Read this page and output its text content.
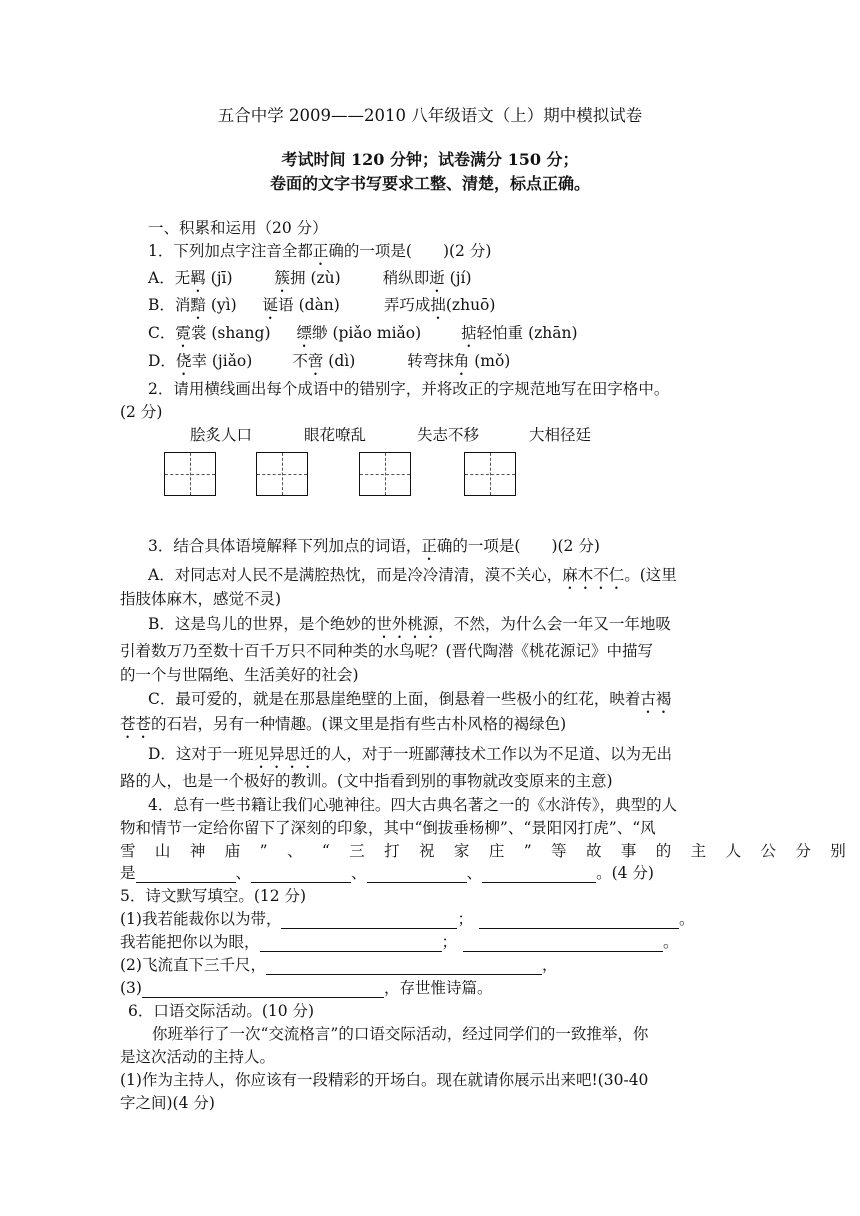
五合中学 2009——2010 八年级语文（上）期中模拟试卷
考试时间 120 分钟；试卷满分 150 分；
卷面的文字书写要求工整、清楚，标点正确。
一、积累和运用（20 分）
1．下列加点字注音全都正确的一项是(　　)(2 分)
A．无羁 (jī)	簇拥 (zù)	稍纵即逝 (jí)
B．消黯 (yì) 诞语 (dàn)	弄巧成拙(zhuō)
C．霓裳 (shang) 缥缈 (piǎo miǎo)	掂轻怕重 (zhān)
D．侥幸 (jiǎo)	不啻 (dì)	转弯抹角 (mǒ)
2．请用横线画出每个成语中的错别字，并将改正的字规范地写在田字格中。
(2 分)
脍炙人口	眼花嘹乱	失志不移	大相径廷
3．结合具体语境解释下列加点的词语，正确的一项是(　　)(2 分)
A．对同志对人民不是满腔热忱，而是冷冷清清，漠不关心，麻木不仁。(这里
指肢体麻木，感觉不灵)
B．这是鸟儿的世界，是个绝妙的世外桃源，不然，为什么会一年又一年地吸
引着数万乃至数十百千万只不同种类的水鸟呢？(晋代陶潜《桃花源记》中描写
的一个与世隔绝、生活美好的社会)
C．最可爱的，就是在那悬崖绝壁的上面，倒悬着一些极小的红花，映着古褐
苍苍的石岩，另有一种情趣。(课文里是指有些古朴风格的褐绿色)
D．这对于一班见异思迁的人，对于一班鄙薄技术工作以为不足道、以为无出
路的人，也是一个极好的教训。(文中指看到别的事物就改变原来的主意)
4．总有一些书籍让我们心驰神往。四大古典名著之一的《水浒传》，典型的人
物和情节一定给你留下了深刻的印象，其中“倒拔垂杨柳”、“景阳冈打虎”、“风
雪 山 神 庙 ” 、 “ 三 打 祝 家 庄 ” 等 故 事 的 主 人 公 分 别
是	、	、	、	。(4 分)
5．诗文默写填空。(12 分)
(1)我若能裁你以为带，	；	。
我若能把你以为眼，	；	。
(2)飞流直下三千尺，	，
(3)	，存世惟诗篇。
6．口语交际活动。(10 分)
你班举行了一次“交流格言”的口语交际活动，经过同学们的一致推举，你
是这次活动的主持人。
(1)作为主持人，你应该有一段精彩的开场白。现在就请你展示出来吧!(30-40
字之间)(4 分)
